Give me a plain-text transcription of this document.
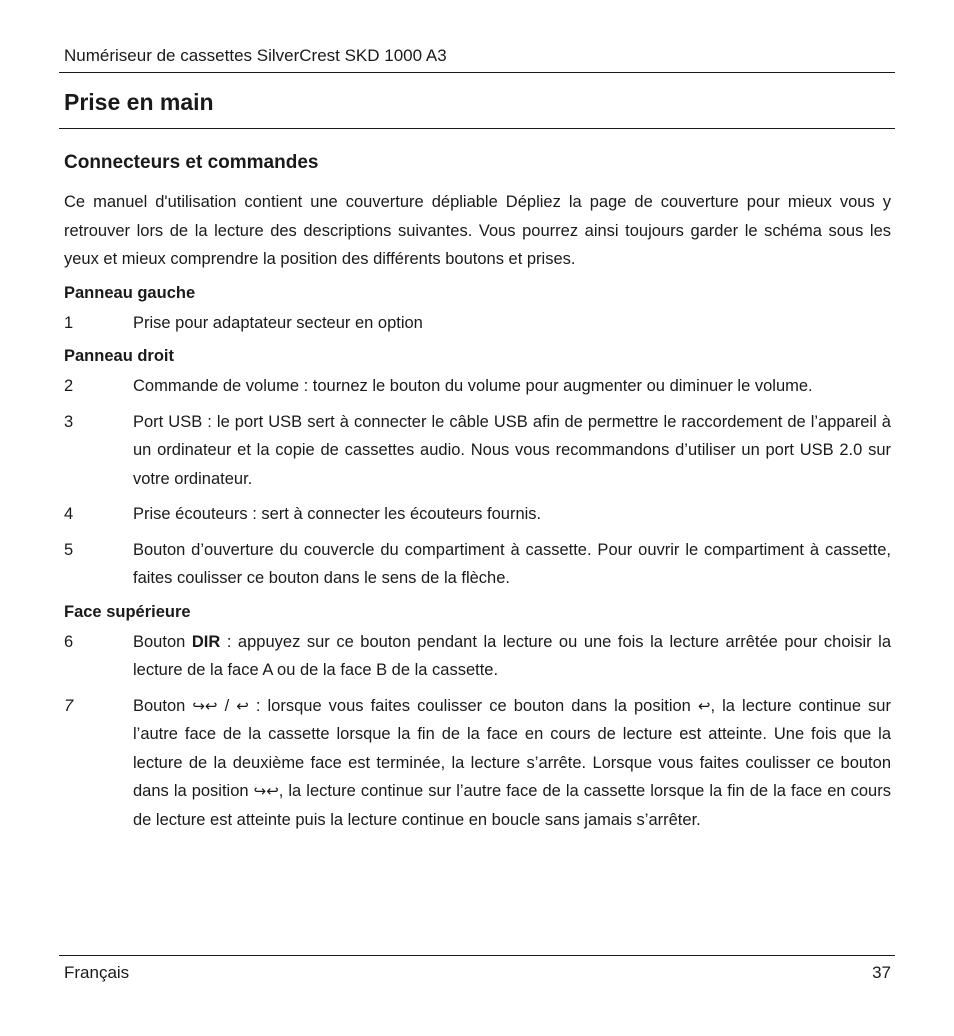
Numériseur de cassettes SilverCrest SKD 1000 A3
Prise en main
Connecteurs et commandes

Ce manuel d'utilisation contient une couverture dépliable Dépliez la page de couverture pour mieux vous y retrouver lors de la lecture des descriptions suivantes. Vous pourrez ainsi toujours garder le schéma sous les yeux et mieux comprendre la position des différents boutons et prises.

Panneau gauche
1	Prise pour adaptateur secteur en option
Panneau droit
2	Commande de volume : tournez le bouton du volume pour augmenter ou diminuer le volume.
3	Port USB : le port USB sert à connecter le câble USB afin de permettre le raccordement de l’appareil à un ordinateur et la copie de cassettes audio. Nous vous recommandons d’utiliser un port USB 2.0 sur votre ordinateur.
4	Prise écouteurs : sert à connecter les écouteurs fournis.
5	Bouton d’ouverture du couvercle du compartiment à cassette. Pour ouvrir le compartiment à cassette, faites coulisser ce bouton dans le sens de la flèche.
Face supérieure
6	Bouton DIR : appuyez sur ce bouton pendant la lecture ou une fois la lecture arrêtée pour choisir la lecture de la face A ou de la face B de la cassette.
7	Bouton ↪↩ / ↩ : lorsque vous faites coulisser ce bouton dans la position ↩, la lecture continue sur l’autre face de la cassette lorsque la fin de la face en cours de lecture est atteinte. Une fois que la lecture de la deuxième face est terminée, la lecture s’arrête. Lorsque vous faites coulisser ce bouton dans la position ↪↩, la lecture continue sur l’autre face de la cassette lorsque la fin de la face en cours de lecture est atteinte puis la lecture continue en boucle sans jamais s’arrêter.
Français	37
